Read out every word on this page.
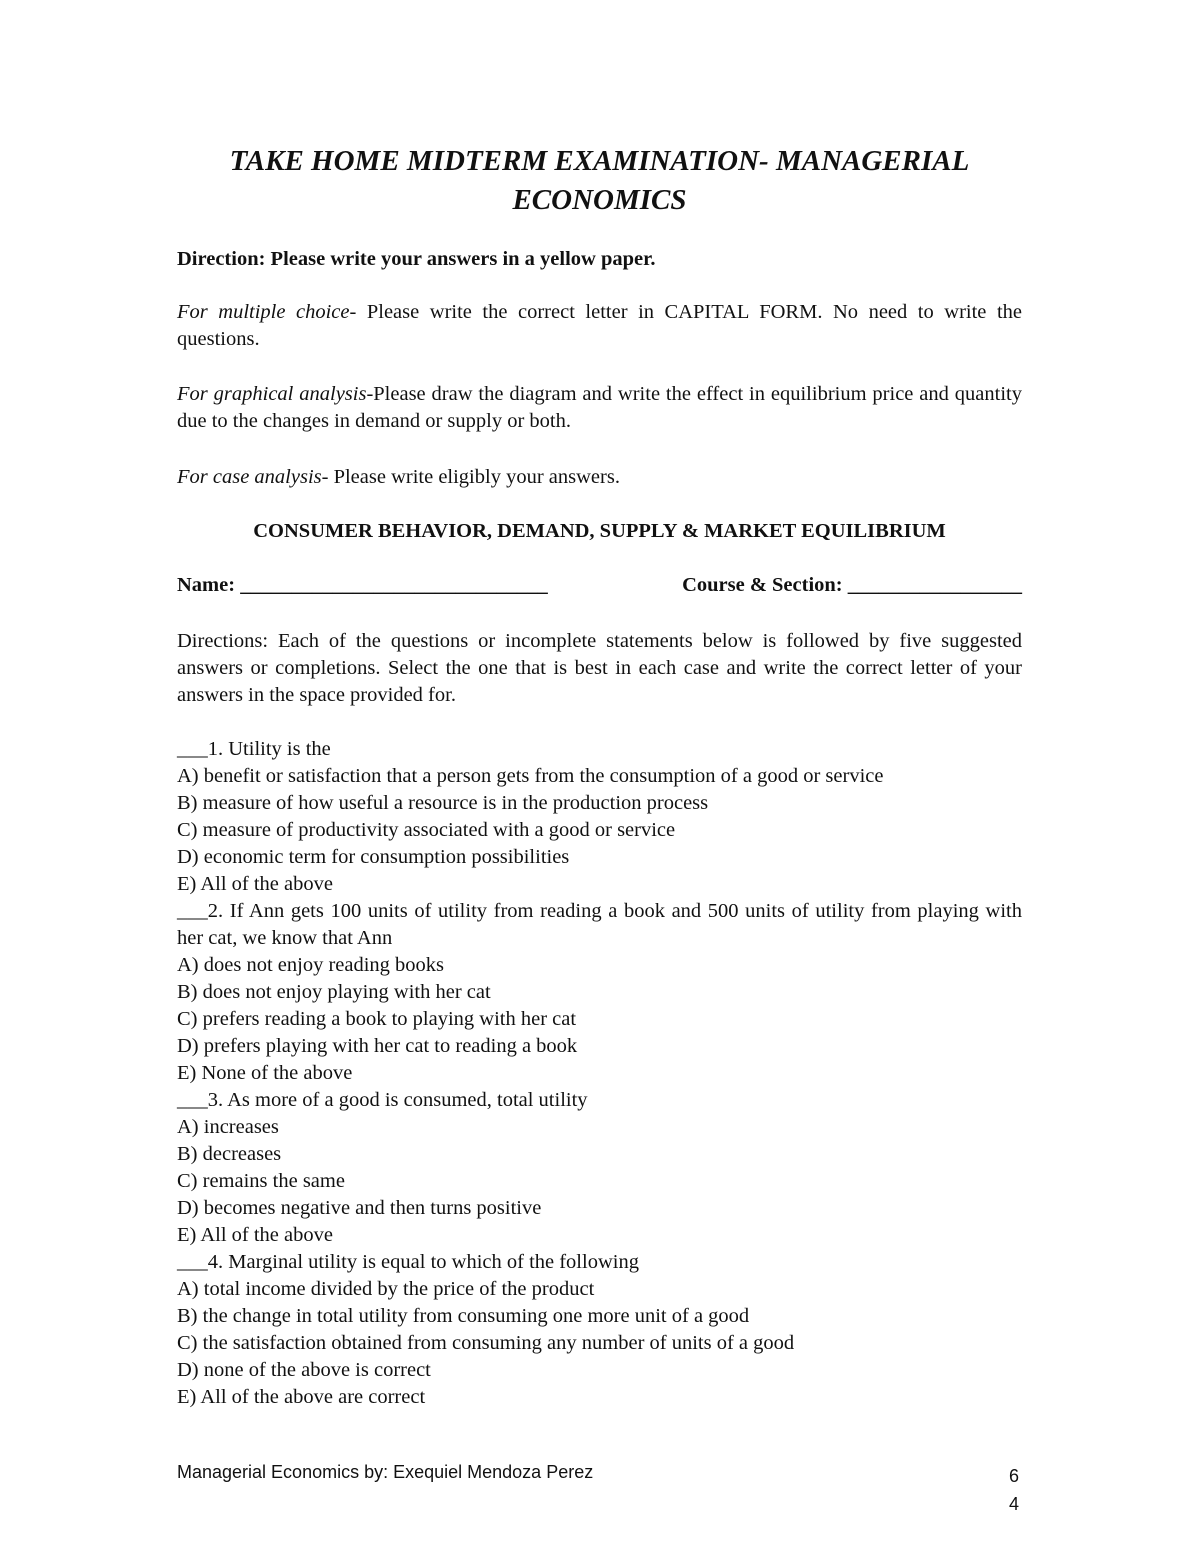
TAKE HOME MIDTERM EXAMINATION- MANAGERIAL
ECONOMICS

Direction: Please write your answers in a yellow paper.

For multiple choice- Please write the correct letter in CAPITAL FORM. No need to write the questions.

For graphical analysis-Please draw the diagram and write the effect in equilibrium price and quantity due to the changes in demand or supply or both.

For case analysis- Please write eligibly your answers.

CONSUMER BEHAVIOR, DEMAND, SUPPLY & MARKET EQUILIBRIUM

Name: ______________________________	Course & Section: _________________

Directions: Each of the questions or incomplete statements below is followed by five suggested answers or completions. Select the one that is best in each case and write the correct letter of your answers in the space provided for.

___1. Utility is the

A) benefit or satisfaction that a person gets from the consumption of a good or service

B) measure of how useful a resource is in the production process

C) measure of productivity associated with a good or service

D) economic term for consumption possibilities

E) All of the above

___2. If Ann gets 100 units of utility from reading a book and 500 units of utility from playing with her cat, we know that Ann

A) does not enjoy reading books

B) does not enjoy playing with her cat

C) prefers reading a book to playing with her cat

D) prefers playing with her cat to reading a book

E) None of the above

___3. As more of a good is consumed, total utility

A) increases

B) decreases

C) remains the same

D) becomes negative and then turns positive

E) All of the above

___4. Marginal utility is equal to which of the following

A) total income divided by the price of the product

B) the change in total utility from consuming one more unit of a good

C) the satisfaction obtained from consuming any number of units of a good

D) none of the above is correct

E) All of the above are correct

Managerial Economics by: Exequiel Mendoza Perez	6
4
